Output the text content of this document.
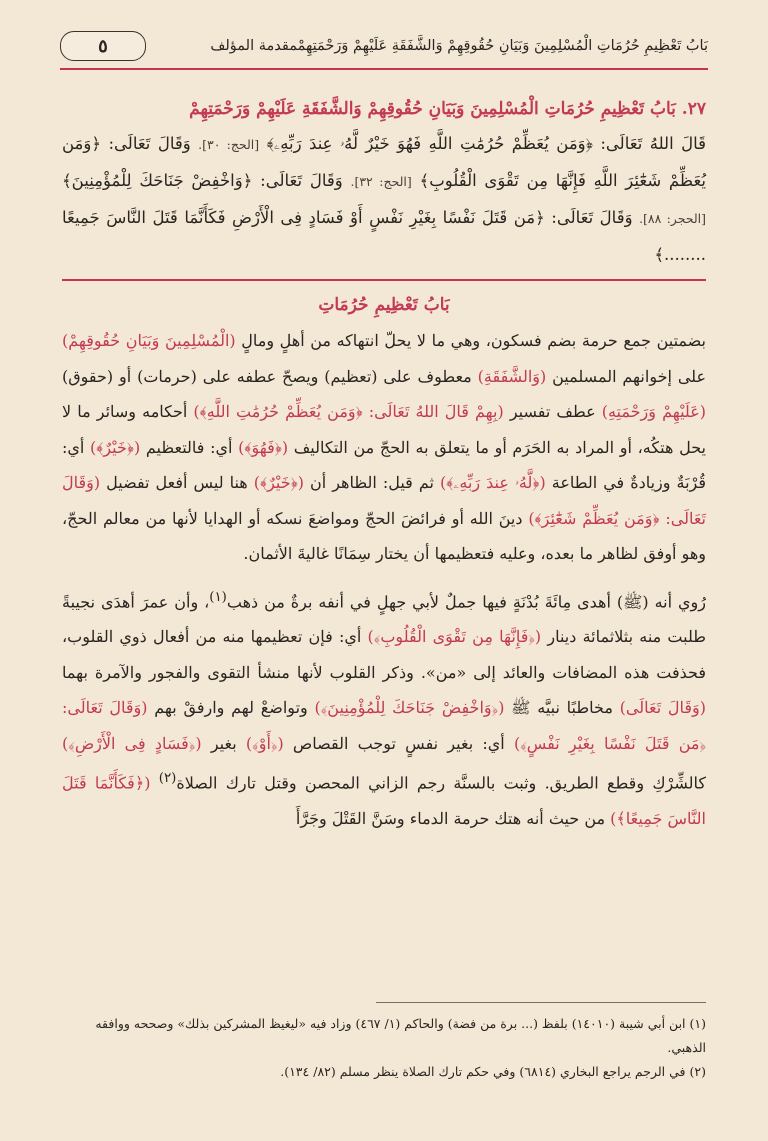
بَابُ تَعْظِيمِ حُرُمَاتِ الْمُسْلِمِينَ وَبَيَانِ حُقُوقِهِمْ وَالشَّفَقَةِ عَلَيْهِمْ وَرَحْمَتِهِمْمقدمة المؤلف
٥
٢٧. بَابُ تَعْظِيمِ حُرُمَاتِ الْمُسْلِمِينَ وَبَيَانِ حُقُوقِهِمْ وَالشَّفَقَةِ عَلَيْهِمْ وَرَحْمَتِهِمْ
قَالَ اللهُ تَعَالَى: ﴿وَمَن يُعَظِّمْ حُرُمَٰتِ اللَّهِ فَهُوَ خَيْرٌ لَّهُۥ عِندَ رَبِّهِۦ﴾ [الحج: ٣٠]. وَقَالَ تَعَالَى: ﴿وَمَن يُعَظِّمْ شَعَٰٓئِرَ اللَّهِ فَإِنَّهَا مِن تَقْوَى الْقُلُوبِ﴾ [الحج: ٣٢]. وَقَالَ تَعَالَى: ﴿وَاخْفِضْ جَنَاحَكَ لِلْمُؤْمِنِينَ﴾ [الحجر: ٨٨]. وَقَالَ تَعَالَى: ﴿مَن قَتَلَ نَفْسًا بِغَيْرِ نَفْسٍ أَوْ فَسَادٍ فِى الْأَرْضِ فَكَأَنَّمَا قَتَلَ النَّاسَ جَمِيعًا ........﴾
بَابُ تَعْظِيمِ حُرُمَاتِ

بضمتين جمع حرمة بضم فسكون، وهي ما لا يحلّ انتهاكه من أهلٍ ومالٍ (الْمُسْلِمِينَ وَبَيَانِ حُقُوقِهِمْ) على إخوانهم المسلمين (وَالشَّفَقَةِ) معطوف على (تعظيم) ويصحّ عطفه على (حرمات) أو (حقوق) (عَلَيْهِمْ وَرَحْمَتِهِ) عطف تفسير (بِهِمْ قَالَ اللهُ تَعَالَى: ﴿وَمَن يُعَظِّمْ حُرُمَٰتِ اللَّهِ﴾) أحكامه وسائر ما لا يحل هتكُه، أو المراد به الحَرَم أو ما يتعلق به الحجّ من التكاليف (﴿فَهُوَ﴾) أي: فالتعظيم (﴿خَيْرٌ﴾) أي: قُرْبَةٌ وزيادةٌ في الطاعة (﴿لَّهُۥ عِندَ رَبِّهِۦ﴾) ثم قيل: الظاهر أن (﴿خَيْرٌ﴾) هنا ليس أفعل تفضيل (وَقَالَ تَعَالَى: ﴿وَمَن يُعَظِّمْ شَعَٰٓئِرَ﴾) دينَ الله أو فرائضَ الحجّ ومواضعَ نسكه أو الهدايا لأنها من معالم الحجّ، وهو أوفق لظاهر ما بعده، وعليه فتعظيمها أن يختار سِمَانًا غاليةَ الأثمان.

رُوي أنه (ﷺ) أهدى مِائَةَ بُدْنَةٍ فيها جملٌ لأبي جهلٍ في أنفه برةٌ من ذهب$^{(١)}$، وأن عمرَ أهدَى نجيبةً طلبت منه بثلاثمائة دينار (﴿فَإِنَّهَا مِن تَقْوَى الْقُلُوبِ﴾) أي: فإن تعظيمها منه من أفعال ذوي القلوب، فحذفت هذه المضافات والعائد إلى «من». وذكر القلوب لأنها منشأ التقوى والفجور والآمرة بهما (وَقَالَ تَعَالَى) مخاطبًا نبيَّه ﷺ (﴿وَاخْفِضْ جَنَاحَكَ لِلْمُؤْمِنِينَ﴾) وتواضعْ لهم وارفقْ بهم (وَقَالَ تَعَالَى: ﴿مَن قَتَلَ نَفْسًا بِغَيْرِ نَفْسٍ﴾) أي: بغير نفسٍ توجب القصاص (﴿أَوْ﴾) بغير (﴿فَسَادٍ فِى الْأَرْضِ﴾) كالشِّرْكِ وقطع الطريق. وثبت بالسنَّة رجم الزاني المحصن وقتل تارك الصلاة$^{(٢)}$ (﴿فَكَأَنَّمَا قَتَلَ النَّاسَ جَمِيعًا﴾) من حيث أنه هتك حرمة الدماء وسَنَّ القَتْلَ وجَرَّأَ

(١) ابن أبي شيبة (١٤٠١٠) بلفظ (... برة من فضة) والحاكم (١/ ٤٦٧) وزاد فيه «ليغيظ المشركين بذلك» وصححه ووافقه الذهبي.

(٢) في الرجم يراجع البخاري (٦٨١٤) وفي حكم تارك الصلاة ينظر مسلم (٨٢/ ١٣٤).
